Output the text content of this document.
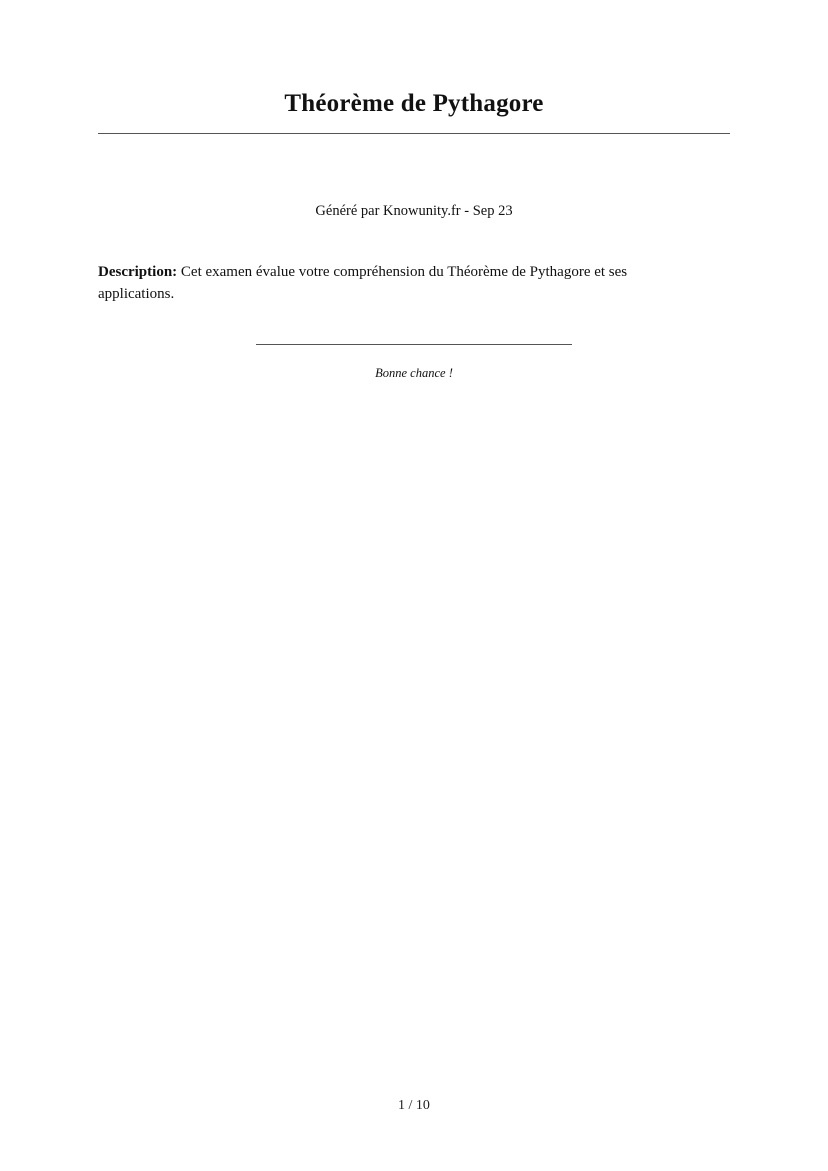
Théorème de Pythagore
Généré par Knowunity.fr - Sep 23
Description: Cet examen évalue votre compréhension du Théorème de Pythagore et ses applications.
Bonne chance !
1 / 10
